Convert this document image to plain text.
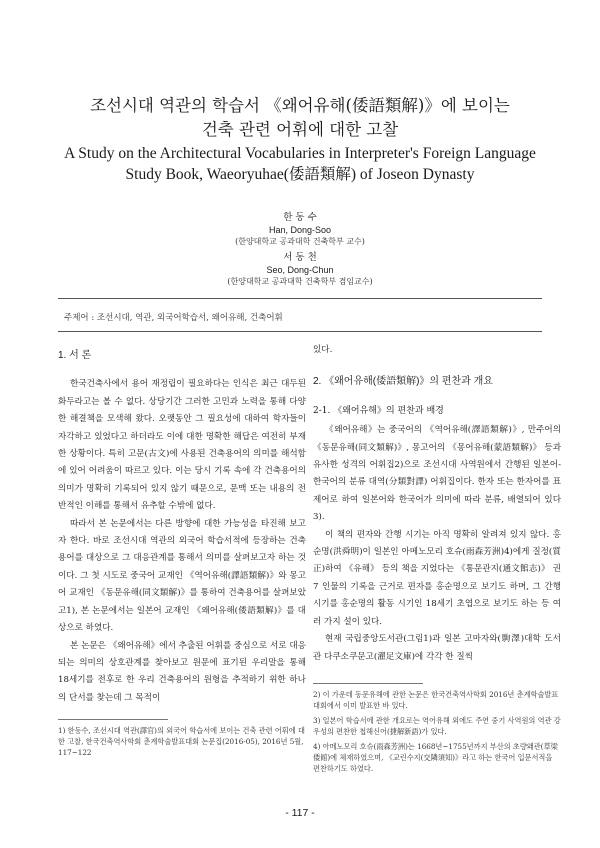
조선시대 역관의 학습서 《왜어유해(倭語類解)》에 보이는
건축 관련 어휘에 대한 고찰
A Study on the Architectural Vocabularies in Interpreter's Foreign Language
Study Book, Waeoryuhae(倭語類解) of Joseon Dynasty
한 동 수
Han, Dong-Soo
(한양대학교 공과대학 건축학부 교수)
서 동 천
Seo, Dong-Chun
(한양대학교 공과대학 건축학부 겸임교수)
주제어 : 조선시대, 역관, 외국어학습서, 왜어유해, 건축어휘
1. 서 론

한국건축사에서 용어 재정립이 필요하다는 인식은 최근 대두된 화두라고는 볼 수 없다. 상당기간 그러한 고민과 노력을 통해 다양한 해결책을 모색해 왔다. 오랫동안 그 필요성에 대하여 학자들이 자각하고 있었다고 하더라도 이에 대한 명확한 해답은 여전히 부재한 상황이다. 특히 고문(古文)에 사용된 건축용어의 의미를 해석함에 있어 어려움이 따르고 있다. 이는 당시 기록 속에 각 건축용어의 의미가 명확히 기록되어 있지 않기 때문으로, 문맥 또는 내용의 전반적인 이해를 통해서 유추할 수밖에 없다.

따라서 본 논문에서는 다른 방향에 대한 가능성을 타진해 보고자 한다. 바로 조선시대 역관의 외국어 학습서적에 등장하는 건축용어를 대상으로 그 대응관계를 통해서 의미를 살펴보고자 하는 것이다. 그 첫 시도로 중국어 교재인 《역어유해(譯語類解)》와 몽고어 교재인 《동문유해(同文類解)》를 통하여 건축용어를 살펴보았고1), 본 논문에서는 일본어 교재인 《왜어유해(倭語類解)》를 대상으로 하였다.

본 논문은 《왜어유해》에서 추출된 어휘를 중심으로 서로 대응되는 의미의 상호관계를 찾아보고 원문에 표기된 우리말을 통해 18세기를 전후로 한 우리 건축용어의 원형을 추적하기 위한 하나의 단서를 찾는데 그 목적이

있다.
2. 《왜어유해(倭語類解)》의 편찬과 개요
2-1. 《왜어유해》의 편찬과 배경

《왜어유해》는 중국어의 《역어유해(譯語類解)》, 만주어의 《동문유해(同文類解)》, 몽고어의 《몽어유해(蒙語類解)》 등과 유사한 성격의 어휘집2)으로 조선시대 사역원에서 간행된 일본어-한국어의 분류 대역(分類對譯) 어휘집이다. 한자 또는 한자어를 표제어로 하여 일본어와 한국어가 의미에 따라 분류, 배열되어 있다3).

이 책의 편자와 간행 시기는 아직 명확히 알려져 있지 않다. 홍순명(洪舜明)이 일본인 아메노모리 호슈(雨森芳洲)4)에게 질정(質正)하여 《유해》 등의 책을 지었다는 《통문관지(通文館志)》 권7 인물의 기록을 근거로 편자를 홍순명으로 보기도 하며, 그 간행 시기를 홍순명의 활동 시기인 18세기 초엽으로 보기도 하는 등 여러 가지 설이 있다.

현재 국립중앙도서관(그림1)과 일본 고마자와(駒澤)대학 도서관 다쿠소쿠문고(濯足文庫)에 각각 한 질씩

1) 한동수, 조선시대 역관(譯官)의 외국어 학습서에 보이는 건축 관련 어휘에 대한 고찰, 한국건축역사학회 춘계학술발표대회 논문집(2016-05), 2016년 5월, 117~122

2) 이 가운데 동문유해에 관한 논문은 한국건축역사학회 2016년 춘계학술발표대회에서 이미 발표한 바 있다.

3) 일본어 학습서에 관한 개요로는 역어유해 외에도 주연 중기 사역원의 역관 강우성의 편찬한 첩해신어(捷解新語)가 있다.

4) 아메노모리 호슈(雨森芳洲)는 1668년~1755년까지 부산의 초량왜관(草梁倭館)에 체재하였으며, 《교린수지(交隣須知)》라고 하는 한국어 입문서적을 편찬하기도 하였다.

- 117 -
